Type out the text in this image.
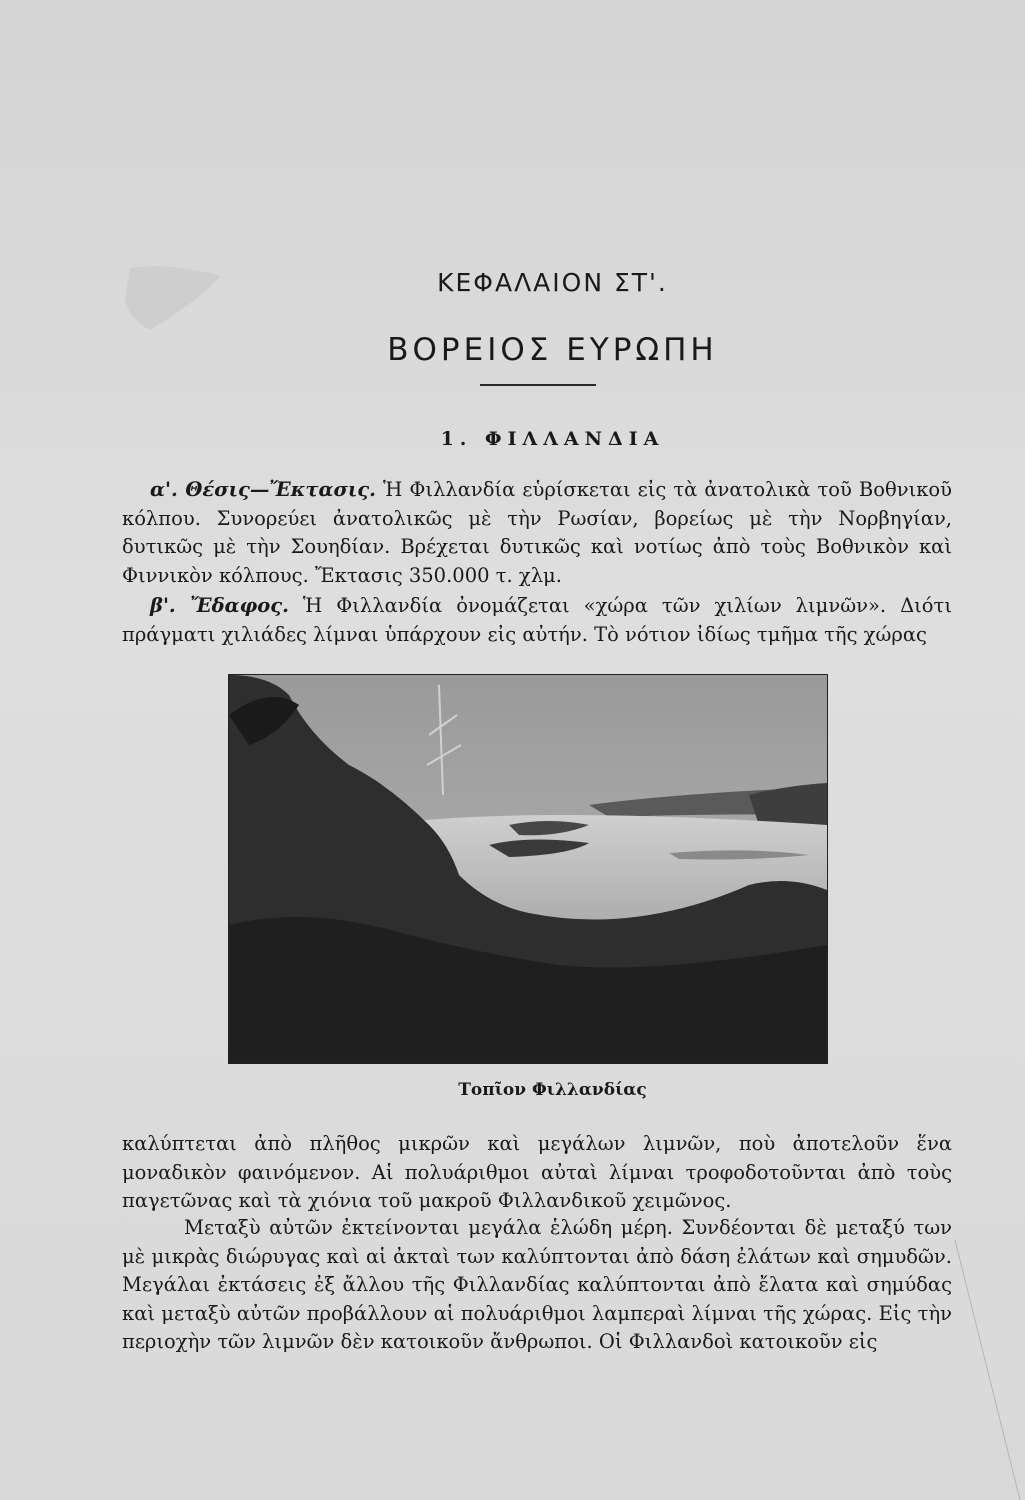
ΚΕΦΑΛΑΙΟΝ ΣΤ'.
ΒΟΡΕΙΟΣ ΕΥΡΩΠΗ
1. ΦΙΛΛΑΝΔΙΑ

α'. Θέσις—Ἔκτασις. Ἡ Φιλλανδία εὑρίσκεται εἰς τὰ ἀνατολικὰ τοῦ Βοθνικοῦ κόλπου. Συνορεύει ἀνατολικῶς μὲ τὴν Ρωσίαν, βορείως μὲ τὴν Νορβηγίαν, δυτικῶς μὲ τὴν Σουηδίαν. Βρέχεται δυτικῶς καὶ νοτίως ἀπὸ τοὺς Βοθνικὸν καὶ Φιννικὸν κόλπους. Ἔκτασις 350.000 τ. χλμ.

β'. Ἔδαφος. Ἡ Φιλλανδία ὀνομάζεται «χώρα τῶν χιλίων λιμνῶν». Διότι πράγματι χιλιάδες λίμναι ὑπάρχουν εἰς αὐτήν. Τὸ νότιον ἰδίως τμῆμα τῆς χώρας

Τοπῖον Φιλλανδίας

καλύπτεται ἀπὸ πλῆθος μικρῶν καὶ μεγάλων λιμνῶν, ποὺ ἀποτελοῦν ἕνα μοναδικὸν φαινόμενον. Αἱ πολυάριθμοι αὐταὶ λίμναι τροφοδοτοῦνται ἀπὸ τοὺς παγετῶνας καὶ τὰ χιόνια τοῦ μακροῦ Φιλλανδικοῦ χειμῶνος.

Μεταξὺ αὐτῶν ἐκτείνονται μεγάλα ἑλώδη μέρη. Συνδέονται δὲ μεταξύ των μὲ μικρὰς διώρυγας καὶ αἱ ἀκταὶ των καλύπτονται ἀπὸ δάση ἐλάτων καὶ σημυδῶν. Μεγάλαι ἐκτάσεις ἐξ ἄλλου τῆς Φιλλανδίας καλύπτονται ἀπὸ ἔλατα καὶ σημύδας καὶ μεταξὺ αὐτῶν προβάλλουν αἱ πολυάριθμοι λαμπεραὶ λίμναι τῆς χώρας. Εἰς τὴν περιοχὴν τῶν λιμνῶν δὲν κατοικοῦν ἄνθρωποι. Οἱ Φιλλανδοὶ κατοικοῦν εἰς
